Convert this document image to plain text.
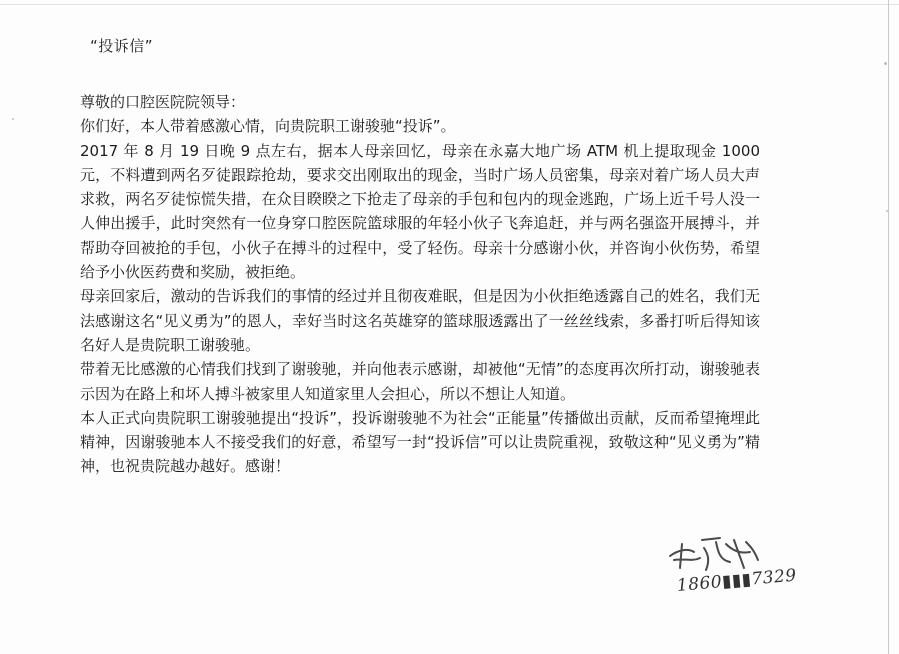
“投诉信”

尊敬的口腔医院院领导：

你们好，本人带着感激心情，向贵院职工谢骏驰“投诉”。

2017 年 8 月 19 日晚 9 点左右，据本人母亲回忆，母亲在永嘉大地广场 ATM 机上提取现金 1000 元，不料遭到两名歹徒跟踪抢劫，要求交出刚取出的现金，当时广场人员密集，母亲对着广场人员大声求救，两名歹徒惊慌失措，在众目睽睽之下抢走了母亲的手包和包内的现金逃跑，广场上近千号人没一人伸出援手，此时突然有一位身穿口腔医院篮球服的年轻小伙子飞奔追赶，并与两名强盗开展搏斗，并帮助夺回被抢的手包，小伙子在搏斗的过程中，受了轻伤。母亲十分感谢小伙，并咨询小伙伤势，希望给予小伙医药费和奖励，被拒绝。

母亲回家后，激动的告诉我们的事情的经过并且彻夜难眠，但是因为小伙拒绝透露自己的姓名，我们无法感谢这名“见义勇为”的恩人，幸好当时这名英雄穿的篮球服透露出了一丝丝线索，多番打听后得知该名好人是贵院职工谢骏驰。

带着无比感激的心情我们找到了谢骏驰，并向他表示感谢，却被他“无情”的态度再次所打动，谢骏驰表示因为在路上和坏人搏斗被家里人知道家里人会担心，所以不想让人知道。

本人正式向贵院职工谢骏驰提出“投诉”，投诉谢骏驰不为社会“正能量”传播做出贡献，反而希望掩埋此精神，因谢骏驰本人不接受我们的好意，希望写一封“投诉信”可以让贵院重视，致敬这种“见义勇为”精神，也祝贵院越办越好。感谢！

1860▮▮▮7329
